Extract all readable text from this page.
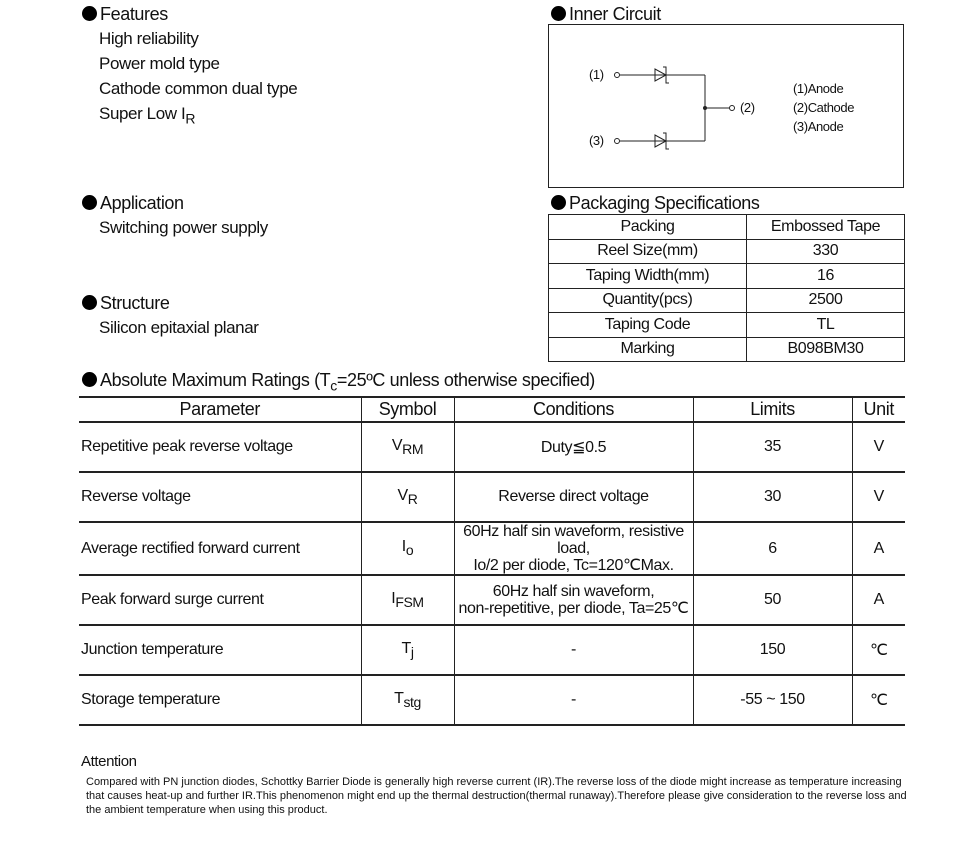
Features
High reliability
Power mold type
Cathode common dual type
Super Low $I_R$
Application
Switching power supply
Structure
Silicon epitaxial planar
Inner Circuit
(1)
(2)
(3)
(1)Anode
(2)Cathode
(3)Anode
Packaging Specifications
Packing	Embossed Tape
Reel Size(mm)	330
Taping Width(mm)	16
Quantity(pcs)	2500
Taping Code	TL
Marking	B098BM30
Absolute Maximum Ratings ($T_c=25ºC$ unless otherwise specified)
Parameter	Symbol	Conditions	Limits	Unit
Repetitive peak reverse voltage	$V_{RM}$	Duty≦0.5	35	V
Reverse voltage	$V_R$	Reverse direct voltage	30	V
Average rectified forward current	$I_o$	60Hz half sin waveform, resistive load,
Io/2 per diode, Tc=120℃Max.	6	A
Peak forward surge current	$I_{FSM}$	60Hz half sin waveform,
non-repetitive, per diode, Ta=25℃	50	A
Junction temperature	$T_j$	-	150	℃
Storage temperature	$T_{stg}$	-	-55 ~ 150	℃
Attention
Compared with PN junction diodes, Schottky Barrier Diode is generally high reverse current (IR).The reverse loss of the diode might increase as temperature increasing that causes heat-up and further IR.This phenomenon might end up the thermal destruction(thermal runaway).Therefore please give consideration to the reverse loss and the ambient temperature when using this product.
